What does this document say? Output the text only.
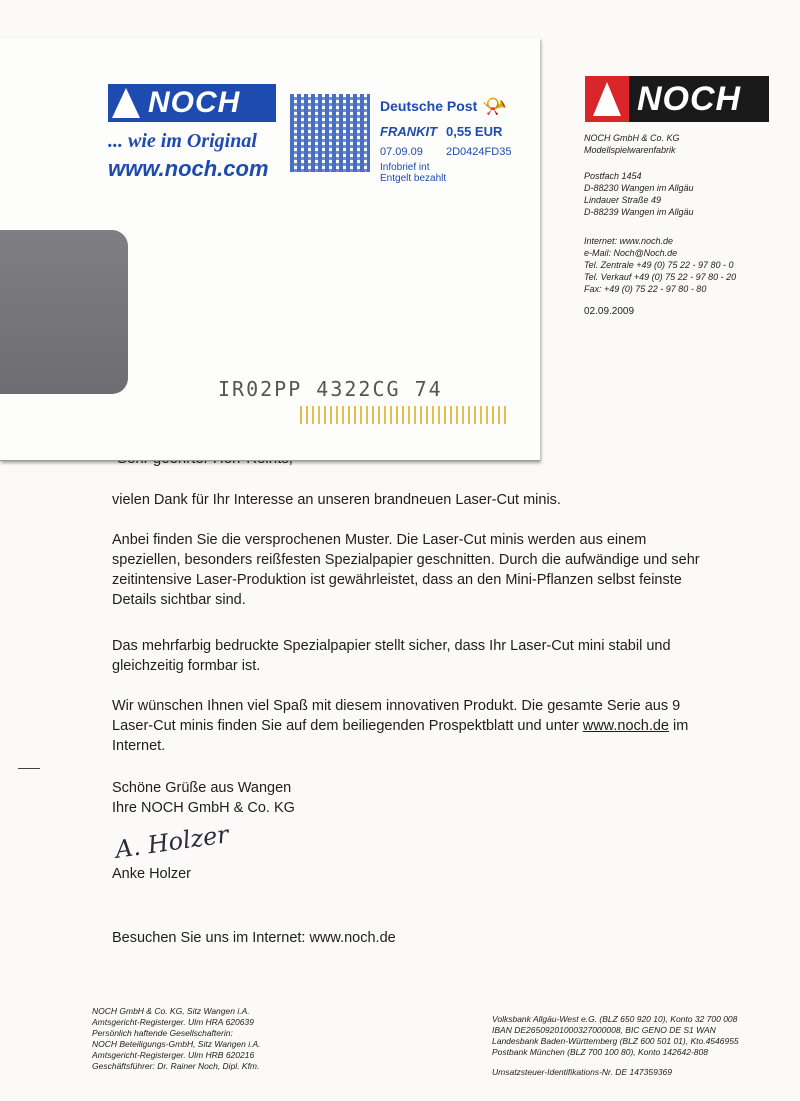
vielen Dank für Ihr Interesse an unseren brandneuen Laser-Cut minis.
Anbei finden Sie die versprochenen Muster. Die Laser-Cut minis werden aus einem speziellen, besonders reißfesten Spezialpapier geschnitten. Durch die aufwändige und sehr zeitintensive Laser-Produktion ist gewährleistet, dass an den Mini-Pflanzen selbst feinste Details sichtbar sind.
Das mehrfarbig bedruckte Spezialpapier stellt sicher, dass Ihr Laser-Cut mini stabil und gleichzeitig formbar ist.
Wir wünschen Ihnen viel Spaß mit diesem innovativen Produkt. Die gesamte Serie aus 9 Laser-Cut minis finden Sie auf dem beiliegenden Prospektblatt und unter www.noch.de im Internet.
Schöne Grüße aus Wangen
Ihre NOCH GmbH & Co. KG
A. Holzer
Anke Holzer
Besuchen Sie uns im Internet: www.noch.de
NOCH GmbH & Co. KG, Sitz Wangen i.A.
Amtsgericht-Registerger. Ulm HRA 620639
Persönlich haftende Gesellschafterin:
NOCH Beteiligungs-GmbH, Sitz Wangen i.A.
Amtsgericht-Registerger. Ulm HRB 620216
Geschäftsführer: Dr. Rainer Noch, Dipl. Kfm.
Volksbank Allgäu-West e.G. (BLZ 650 920 10), Konto 32 700 008
IBAN DE26509201000327000008, BIC GENO DE S1 WAN
Landesbank Baden-Württemberg (BLZ 600 501 01), Kto.4546955
Postbank München (BLZ 700 100 80), Konto 142642-808
Umsatzsteuer-Identifikations-Nr. DE 147359369
NOCH
NOCH GmbH & Co. KG
Modellspielwarenfabrik
Postfach 1454
D-88230 Wangen im Allgäu
Lindauer Straße 49
D-88239 Wangen im Allgäu
Internet: www.noch.de
e-Mail: Noch@Noch.de
Tel. Zentrale +49 (0) 75 22 - 97 80 - 0
Tel. Verkauf +49 (0) 75 22 - 97 80 - 20
Fax: +49 (0) 75 22 - 97 80 - 80
02.09.2009
NOCH
... wie im Original
www.noch.com
Deutsche Post 📯
FRANKIT 0,55 EUR
07.09.09 2D0424FD35
Infobrief int
Entgelt bezahlt
IR02PP 4322CG 74
